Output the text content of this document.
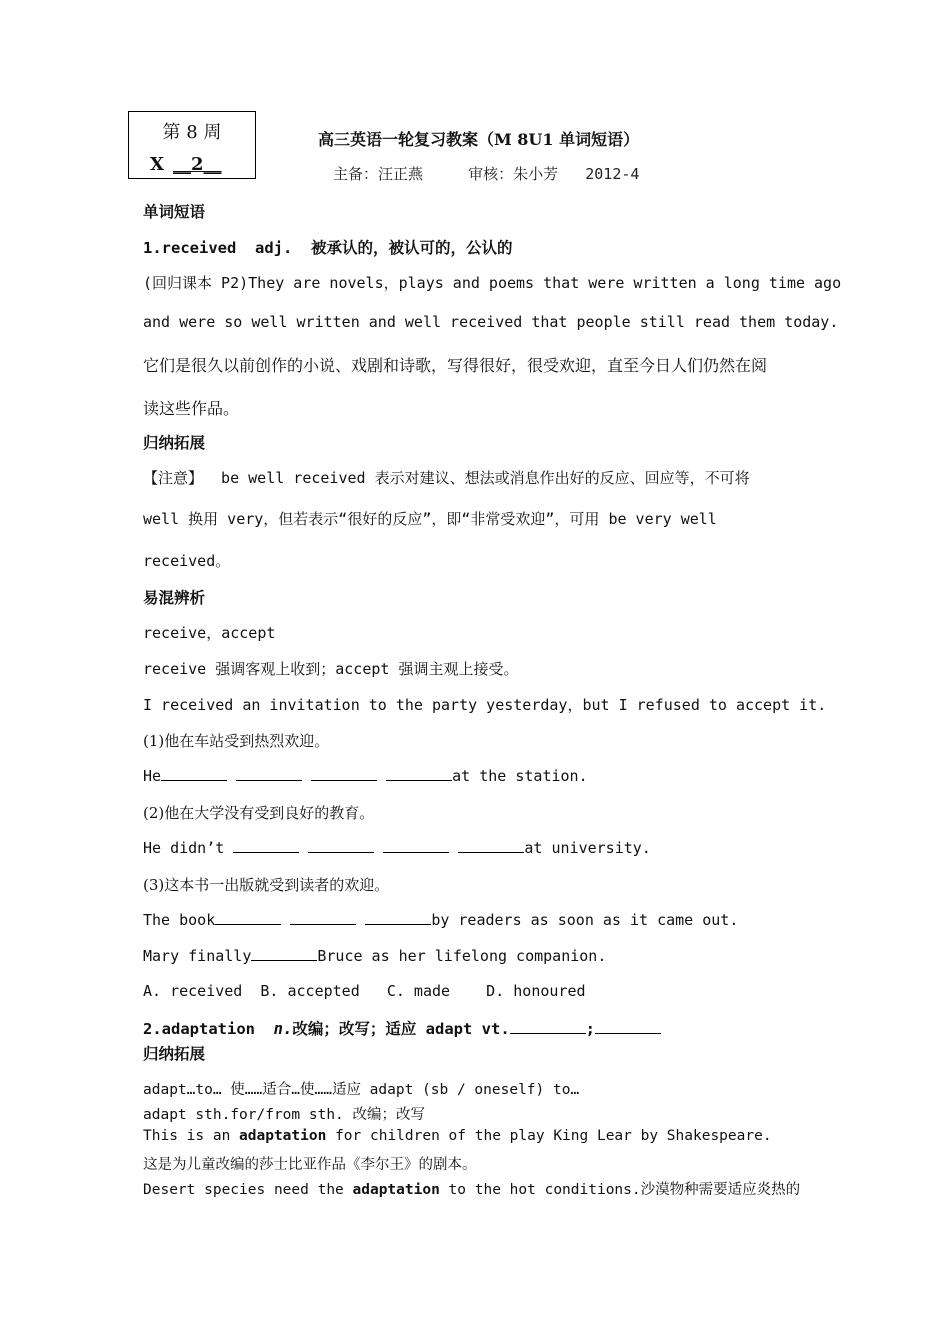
第 8 周
X __2__
高三英语一轮复习教案（M 8U1 单词短语）
主备：汪正燕     审核：朱小芳   2012-4
单词短语
1.received  adj.  被承认的，被认可的，公认的
(回归课本 P2)They are novels，plays and poems that were written a long time ago
and were so well written and well received that people still read them today.
它们是很久以前创作的小说、戏剧和诗歌，写得很好，很受欢迎，直至今日人们仍然在阅
读这些作品。
归纳拓展
【注意】  be well received 表示对建议、想法或消息作出好的反应、回应等，不可将
well 换用 very，但若表示“很好的反应”，即“非常受欢迎”，可用 be very well
received。
易混辨析
receive，accept
receive 强调客观上收到；accept 强调主观上接受。
I received an invitation to the party yesterday，but I refused to accept it.
(1)他在车站受到热烈欢迎。
He	at the station.
(2)他在大学没有受到良好的教育。
He didn’t	at university.
(3)这本书一出版就受到读者的欢迎。
The book	by readers as soon as it came out.
Mary finally	Bruce as her lifelong companion.
A. received  B. accepted   C. made    D. honoured
2.adaptation  n.改编；改写；适应 adapt vt.	;
归纳拓展
adapt…to… 使……适合…使……适应 adapt (sb / oneself) to…
adapt sth.for/from sth. 改编；改写
This is an adaptation for children of the play King Lear by Shakespeare.
这是为儿童改编的莎士比亚作品《李尔王》的剧本。
Desert species need the adaptation to the hot conditions.沙漠物种需要适应炎热的
